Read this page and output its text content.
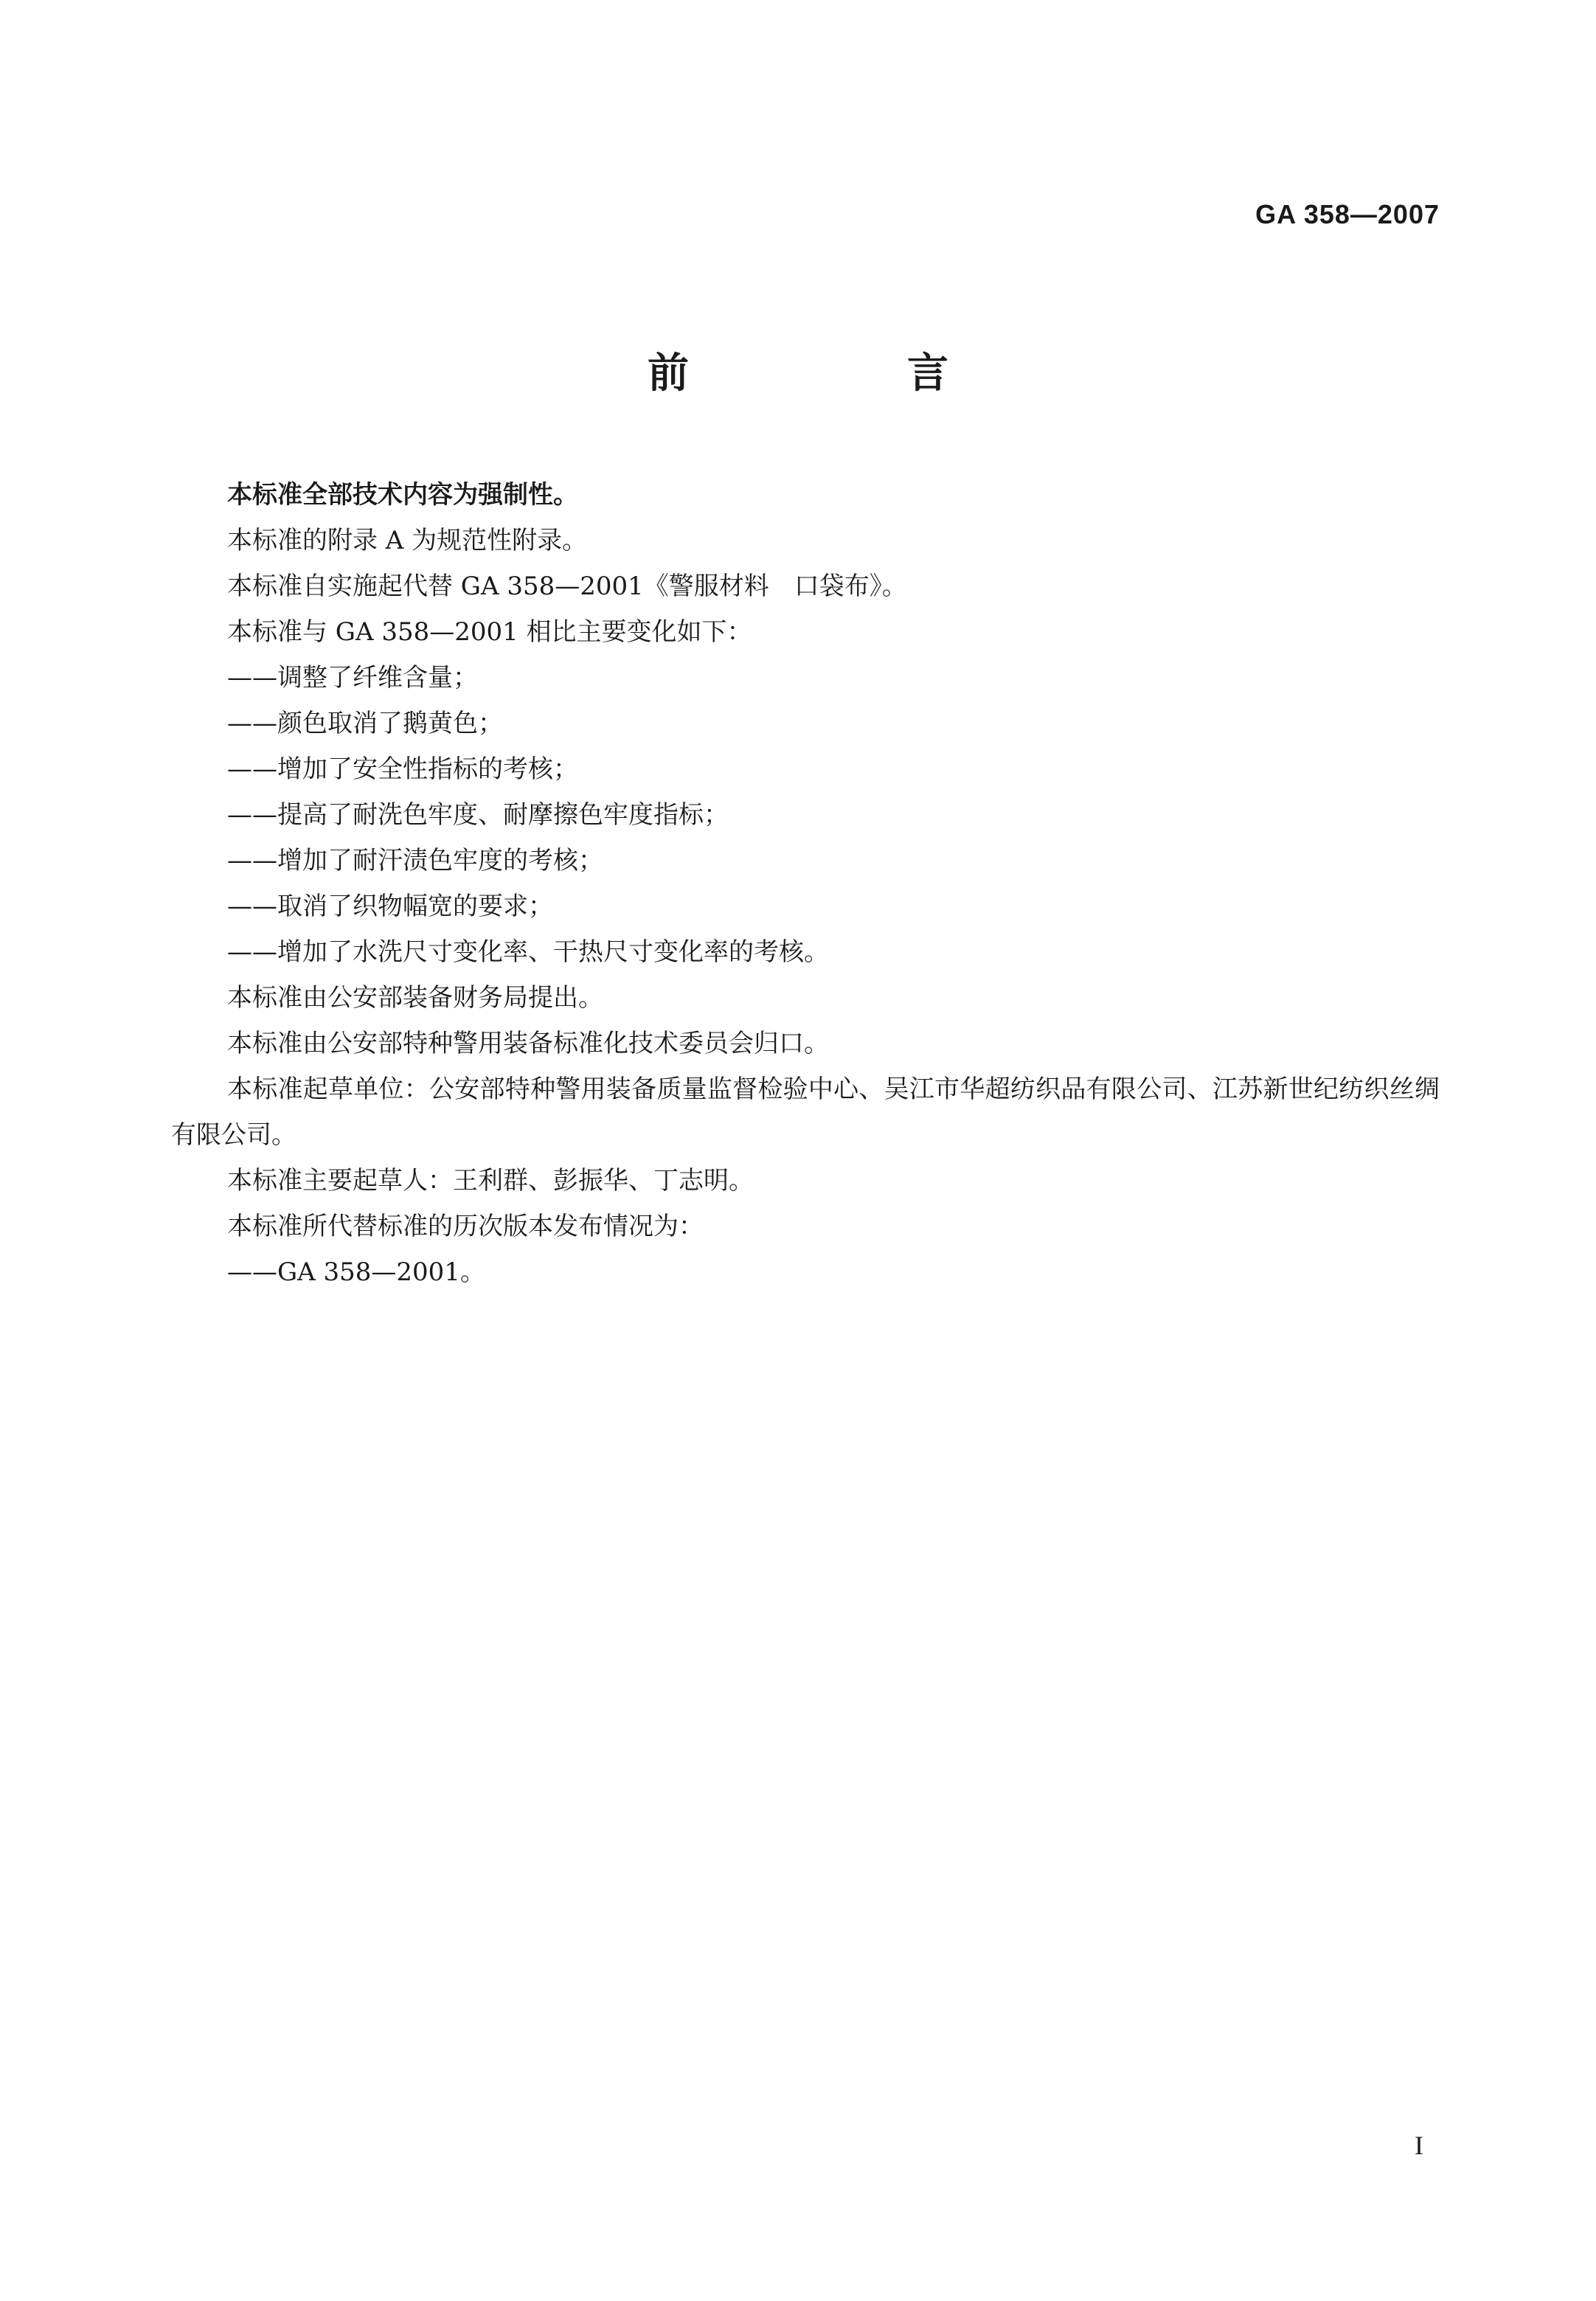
GA 358—2007
前　言

本标准全部技术内容为强制性。

本标准的附录 A 为规范性附录。

本标准自实施起代替 GA 358—2001《警服材料　口袋布》。

本标准与 GA 358—2001 相比主要变化如下：

——调整了纤维含量；

——颜色取消了鹅黄色；

——增加了安全性指标的考核；

——提高了耐洗色牢度、耐摩擦色牢度指标；

——增加了耐汗渍色牢度的考核；

——取消了织物幅宽的要求；

——增加了水洗尺寸变化率、干热尺寸变化率的考核。

本标准由公安部装备财务局提出。

本标准由公安部特种警用装备标准化技术委员会归口。

本标准起草单位：公安部特种警用装备质量监督检验中心、吴江市华超纺织品有限公司、江苏新世纪纺织丝绸有限公司。

本标准主要起草人：王利群、彭振华、丁志明。

本标准所代替标准的历次版本发布情况为：

——GA 358—2001。

I
